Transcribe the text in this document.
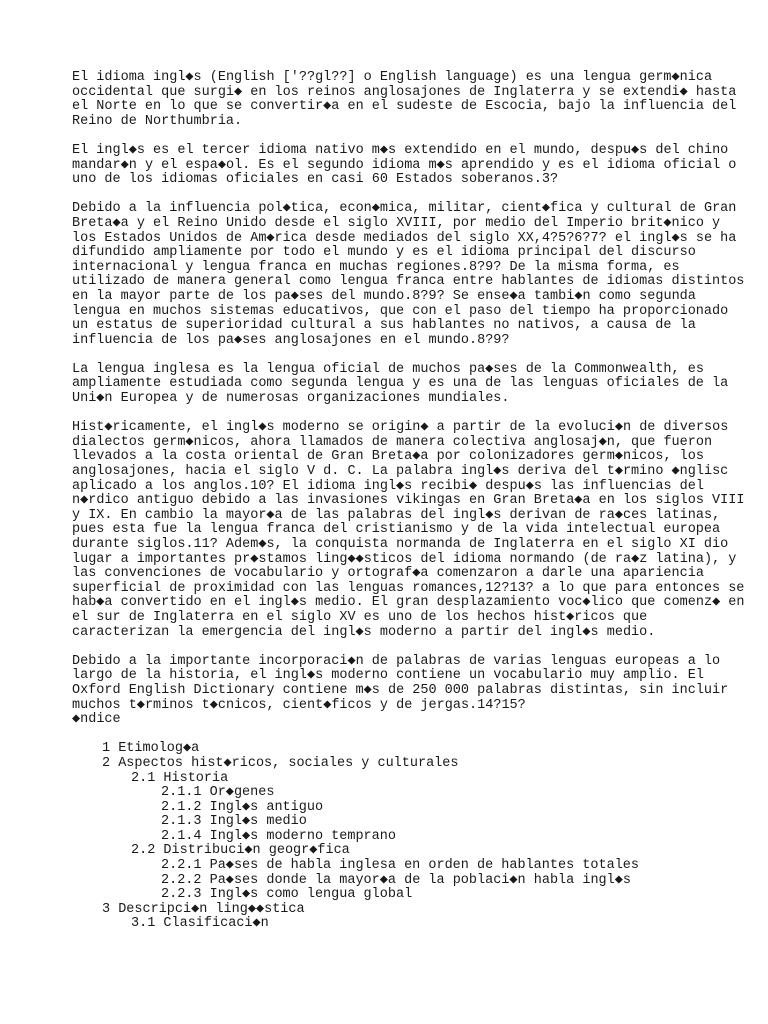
El idioma ingl◆s (English ['??gl??] o English language) es una lengua germ◆nica
occidental que surgi◆ en los reinos anglosajones de Inglaterra y se extendi◆ hasta
el Norte en lo que se convertir◆a en el sudeste de Escocia, bajo la influencia del
Reino de Northumbria.

El ingl◆s es el tercer idioma nativo m◆s extendido en el mundo, despu◆s del chino
mandar◆n y el espa◆ol. Es el segundo idioma m◆s aprendido y es el idioma oficial o
uno de los idiomas oficiales en casi 60 Estados soberanos.3?

Debido a la influencia pol◆tica, econ◆mica, militar, cient◆fica y cultural de Gran
Breta◆a y el Reino Unido desde el siglo XVIII, por medio del Imperio brit◆nico y
los Estados Unidos de Am◆rica desde mediados del siglo XX,4?5?6?7? el ingl◆s se ha
difundido ampliamente por todo el mundo y es el idioma principal del discurso
internacional y lengua franca en muchas regiones.8?9? De la misma forma, es
utilizado de manera general como lengua franca entre hablantes de idiomas distintos
en la mayor parte de los pa◆ses del mundo.8?9? Se ense◆a tambi◆n como segunda
lengua en muchos sistemas educativos, que con el paso del tiempo ha proporcionado
un estatus de superioridad cultural a sus hablantes no nativos, a causa de la
influencia de los pa◆ses anglosajones en el mundo.8?9?

La lengua inglesa es la lengua oficial de muchos pa◆ses de la Commonwealth, es
ampliamente estudiada como segunda lengua y es una de las lenguas oficiales de la
Uni◆n Europea y de numerosas organizaciones mundiales.

Hist◆ricamente, el ingl◆s moderno se origin◆ a partir de la evoluci◆n de diversos
dialectos germ◆nicos, ahora llamados de manera colectiva anglosaj◆n, que fueron
llevados a la costa oriental de Gran Breta◆a por colonizadores germ◆nicos, los
anglosajones, hacia el siglo V d. C. La palabra ingl◆s deriva del t◆rmino ◆nglisc
aplicado a los anglos.10? El idioma ingl◆s recibi◆ despu◆s las influencias del
n◆rdico antiguo debido a las invasiones vikingas en Gran Breta◆a en los siglos VIII
y IX. En cambio la mayor◆a de las palabras del ingl◆s derivan de ra◆ces latinas,
pues esta fue la lengua franca del cristianismo y de la vida intelectual europea
durante siglos.11? Adem◆s, la conquista normanda de Inglaterra en el siglo XI dio
lugar a importantes pr◆stamos ling◆◆sticos del idioma normando (de ra◆z latina), y
las convenciones de vocabulario y ortograf◆a comenzaron a darle una apariencia
superficial de proximidad con las lenguas romances,12?13? a lo que para entonces se
hab◆a convertido en el ingl◆s medio. El gran desplazamiento voc◆lico que comenz◆ en
el sur de Inglaterra en el siglo XV es uno de los hechos hist◆ricos que
caracterizan la emergencia del ingl◆s moderno a partir del ingl◆s medio.

Debido a la importante incorporaci◆n de palabras de varias lenguas europeas a lo
largo de la historia, el ingl◆s moderno contiene un vocabulario muy amplio. El
Oxford English Dictionary contiene m◆s de 250 000 palabras distintas, sin incluir
muchos t◆rminos t◆cnicos, cient◆ficos y de jergas.14?15?

◆ndice

1 Etimolog◆a
2 Aspectos hist◆ricos, sociales y culturales
2.1 Historia
2.1.1 Or◆genes
2.1.2 Ingl◆s antiguo
2.1.3 Ingl◆s medio
2.1.4 Ingl◆s moderno temprano
2.2 Distribuci◆n geogr◆fica
2.2.1 Pa◆ses de habla inglesa en orden de hablantes totales
2.2.2 Pa◆ses donde la mayor◆a de la poblaci◆n habla ingl◆s
2.2.3 Ingl◆s como lengua global
3 Descripci◆n ling◆◆stica
3.1 Clasificaci◆n
